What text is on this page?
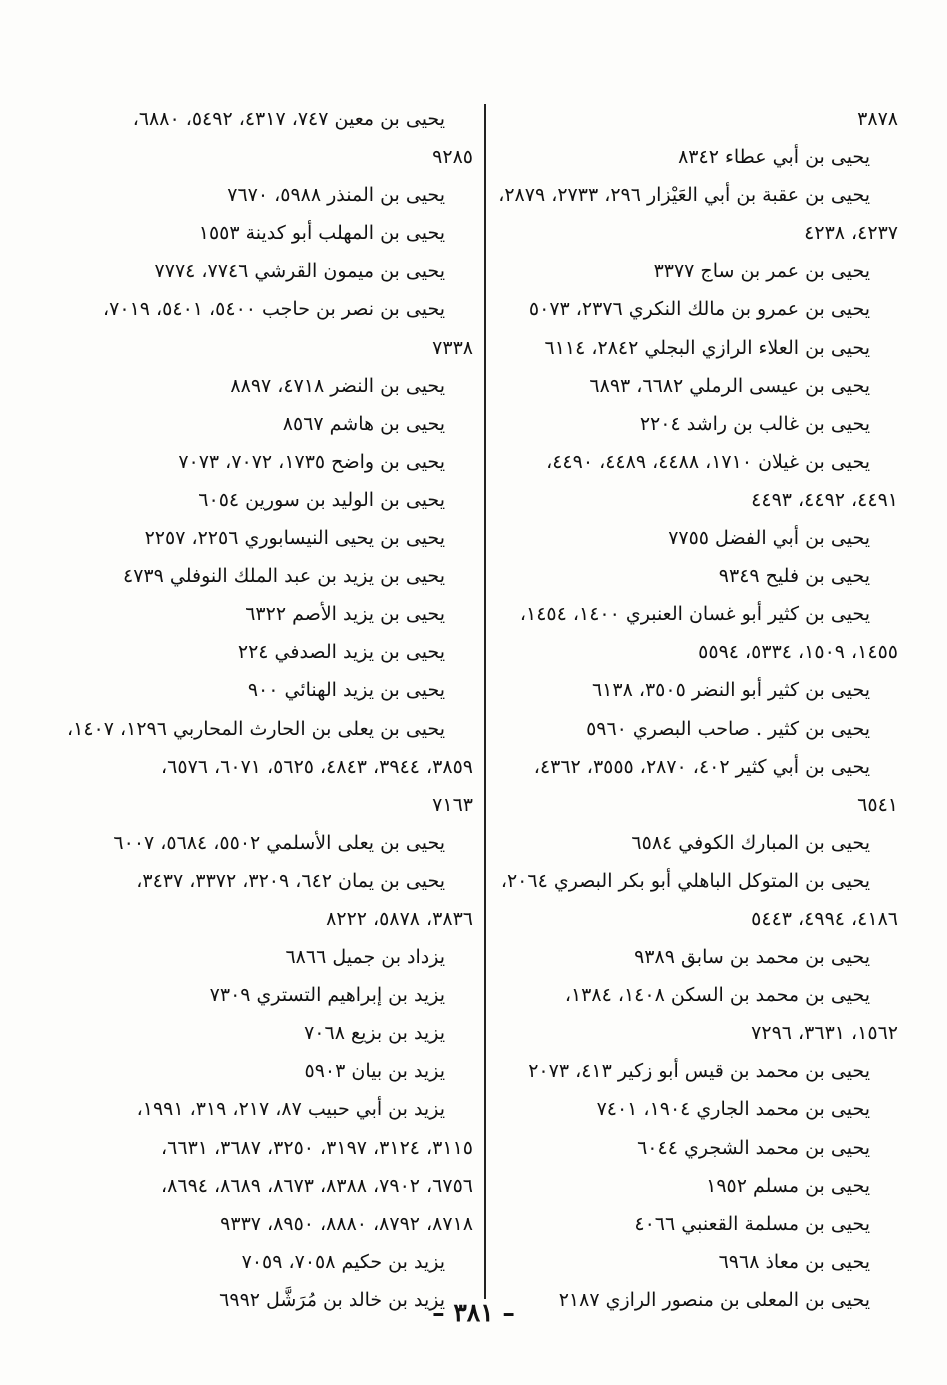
٣٨٧٨
يحيى بن أبي عطاء ٨٣٤٢
يحيى بن عقبة بن أبي العَيْزار ٢٩٦، ٢٧٣٣، ٢٨٧٩،
٤٢٣٧، ٤٢٣٨
يحيى بن عمر بن ساج ٣٣٧٧
يحيى بن عمرو بن مالك النكري ٢٣٧٦، ٥٠٧٣
يحيى بن العلاء الرازي البجلي ٢٨٤٢، ٦١١٤
يحيى بن عيسى الرملي ٦٦٨٢، ٦٨٩٣
يحيى بن غالب بن راشد ٢٢٠٤
يحيى بن غيلان ١٧١٠، ٤٤٨٨، ٤٤٨٩، ٤٤٩٠،
٤٤٩١، ٤٤٩٢، ٤٤٩٣
يحيى بن أبي الفضل ٧٧٥٥
يحيى بن فليح ٩٣٤٩
يحيى بن كثير أبو غسان العنبري ١٤٠٠، ١٤٥٤،
١٤٥٥، ١٥٠٩، ٥٣٣٤، ٥٥٩٤
يحيى بن كثير أبو النضر ٣٥٠٥، ٦١٣٨
يحيى بن كثير . صاحب البصري ٥٩٦٠
يحيى بن أبي كثير ٤٠٢، ٢٨٧٠، ٣٥٥٥، ٤٣٦٢،
٦٥٤١
يحيى بن المبارك الكوفي ٦٥٨٤
يحيى بن المتوكل الباهلي أبو بكر البصري ٢٠٦٤،
٤١٨٦، ٤٩٩٤، ٥٤٤٣
يحيى بن محمد بن سابق ٩٣٨٩
يحيى بن محمد بن السكن ١٤٠٨، ١٣٨٤،
١٥٦٢، ٣٦٣١، ٧٢٩٦
يحيى بن محمد بن قيس أبو زكير ٤١٣، ٢٠٧٣
يحيى بن محمد الجاري ١٩٠٤، ٧٤٠١
يحيى بن محمد الشجري ٦٠٤٤
يحيى بن مسلم ١٩٥٢
يحيى بن مسلمة القعنبي ٤٠٦٦
يحيى بن معاذ ٦٩٦٨
يحيى بن المعلى بن منصور الرازي ٢١٨٧
يحيى بن معين ٧٤٧، ٤٣١٧، ٥٤٩٢، ٦٨٨٠،
٩٢٨٥
يحيى بن المنذر ٥٩٨٨، ٧٦٧٠
يحيى بن المهلب أبو كدينة ١٥٥٣
يحيى بن ميمون القرشي ٧٧٤٦، ٧٧٧٤
يحيى بن نصر بن حاجب ٥٤٠٠، ٥٤٠١، ٧٠١٩،
٧٣٣٨
يحيى بن النضر ٤٧١٨، ٨٨٩٧
يحيى بن هاشم ٨٥٦٧
يحيى بن واضح ١٧٣٥، ٧٠٧٢، ٧٠٧٣
يحيى بن الوليد بن سورين ٦٠٥٤
يحيى بن يحيى النيسابوري ٢٢٥٦، ٢٢٥٧
يحيى بن يزيد بن عبد الملك النوفلي ٤٧٣٩
يحيى بن يزيد الأصم ٦٣٢٢
يحيى بن يزيد الصدفي ٢٢٤
يحيى بن يزيد الهنائي ٩٠٠
يحيى بن يعلى بن الحارث المحاربي ١٢٩٦، ١٤٠٧،
٣٨٥٩، ٣٩٤٤، ٤٨٤٣، ٥٦٢٥، ٦٠٧١، ٦٥٧٦،
٧١٦٣
يحيى بن يعلى الأسلمي ٥٥٠٢، ٥٦٨٤، ٦٠٠٧
يحيى بن يمان ٦٤٢، ٣٢٠٩، ٣٣٧٢، ٣٤٣٧،
٣٨٣٦، ٥٨٧٨، ٨٢٢٢
يزداد بن جميل ٦٨٦٦
يزيد بن إبراهيم التستري ٧٣٠٩
يزيد بن بزيع ٧٠٦٨
يزيد بن بيان ٥٩٠٣
يزيد بن أبي حبيب ٨٧، ٢١٧، ٣١٩، ١٩٩١،
٣١١٥، ٣١٢٤، ٣١٩٧، ٣٢٥٠، ٣٦٨٧، ٦٦٣١،
٦٧٥٦، ٧٩٠٢، ٨٣٨٨، ٨٦٧٣، ٨٦٨٩، ٨٦٩٤،
٨٧١٨، ٨٧٩٢، ٨٨٨٠، ٨٩٥٠، ٩٣٣٧
يزيد بن حكيم ٧٠٥٨، ٧٠٥٩
يزيد بن خالد بن مُرَشَّل ٦٩٩٢
– ٣٨١ –
